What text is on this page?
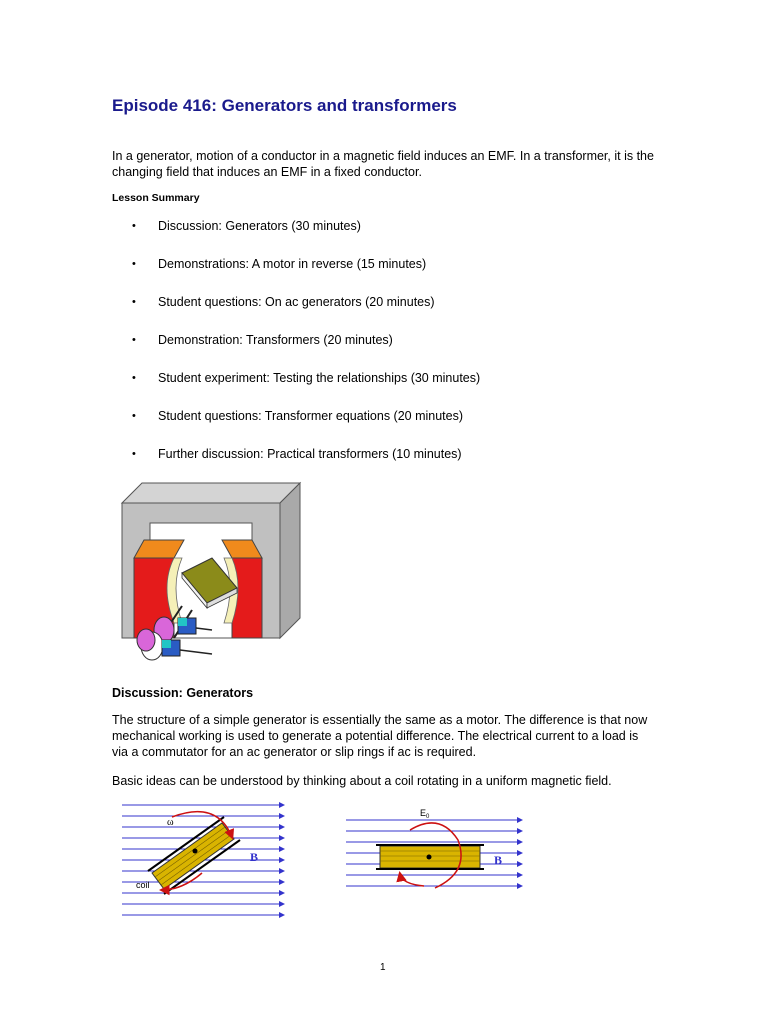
Episode 416: Generators and transformers

In a generator, motion of a conductor in a magnetic field induces an EMF. In a transformer, it is the changing field that induces an EMF in a fixed conductor.

Lesson Summary

• Discussion: Generators (30 minutes)
• Demonstrations: A motor in reverse (15 minutes)
• Student questions: On ac generators (20 minutes)
• Demonstration: Transformers (20 minutes)
• Student experiment: Testing the relationships (30 minutes)
• Student questions: Transformer equations (20 minutes)
• Further discussion: Practical transformers (10 minutes)

Discussion: Generators

The structure of a simple generator is essentially the same as a motor. The difference is that now mechanical working is used to generate a potential difference. The electrical current to a load is via a commutator for an ac generator or slip rings if ac is required.

Basic ideas can be understood by thinking about a coil rotating in a uniform magnetic field.

ω
B
coil
$E_0$
B
1
